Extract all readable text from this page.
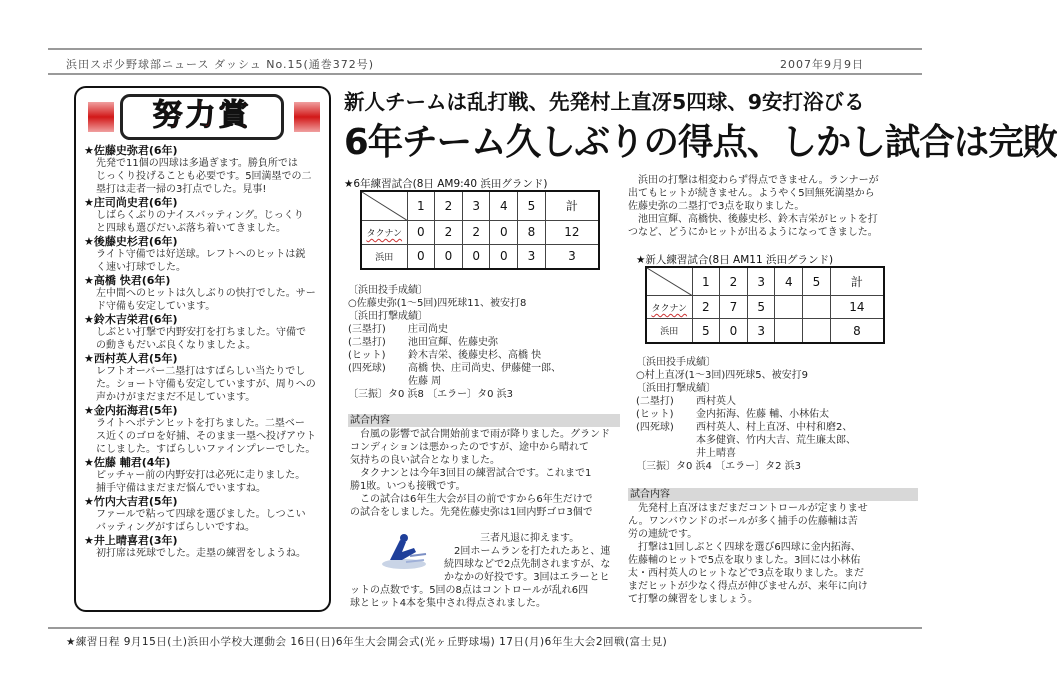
浜田スポ少野球部ニュース ダッシュ No.15(通巻372号)	2007年9月9日
努力賞
★佐藤史弥君(6年)
先発で11個の四球は多過ぎます。勝負所では
じっくり投げることも必要です。5回満塁での二
塁打は走者一掃の3打点でした。見事!
★庄司尚史君(6年)
しばらくぶりのナイスバッティング。じっくり
と四球も選びだいぶ落ち着いてきました。
★後藤史杉君(6年)
ライト守備では好送球。レフトへのヒットは鋭
く速い打球でした。
★高橋 快君(6年)
左中間へのヒットは久しぶりの快打でした。サー
ド守備も安定しています。
★鈴木吉栄君(6年)
しぶとい打撃で内野安打を打ちました。守備で
の動きもだいぶ良くなりましたよ。
★西村英人君(5年)
レフトオーバー二塁打はすばらしい当たりでし
た。ショート守備も安定していますが、周りへの
声かけがまだまだ不足しています。
★金内拓海君(5年)
ライトへポテンヒットを打ちました。二塁ベー
ス近くのゴロを好捕、そのまま一塁へ投げアウト
にしました。すばらしいファインプレーでした。
★佐藤 輔君(4年)
ピッチャー前の内野安打は必死に走りました。
捕手守備はまだまだ悩んでいますね。
★竹内大吉君(5年)
ファールで粘って四球を選びました。しつこい
バッティングがすばらしいですね。
★井上晴喜君(3年)
初打席は死球でした。走塁の練習をしようね。
新人チームは乱打戦、先発村上直冴5四球、9安打浴びる
6年チーム久しぶりの得点、しかし試合は完敗
★6年練習試合(8日 AM9:40 浜田グランド)
	1	2	3	4	5	計
タクナン	0	2	2	0	8	12
浜田	0	0	0	0	3	3
〔浜田投手成績〕
○佐藤史弥(1〜5回)四死球11、被安打8
〔浜田打撃成績〕
(三塁打) 庄司尚史
(二塁打) 池田宣輝、佐藤史弥
(ヒット) 鈴木吉栄、後藤史杉、高橋 快
(四死球) 高橋 快、庄司尚史、伊藤健一郎、
佐藤 周
〔三振〕タ0 浜8 〔エラー〕タ0 浜3
試合内容
台風の影響で試合開始前まで雨が降りました。グランド
コンディションは悪かったのですが、途中から晴れて
気持ちの良い試合となりました。
タクナンとは今年3回目の練習試合です。これまで1
勝1敗。いつも接戦です。
この試合は6年生大会が目の前ですから6年生だけで
の試合をしました。先発佐藤史弥は1回内野ゴロ3個で
三者凡退に抑えます。
2回ホームランを打たれたあと、連
続四球などで2点先制されますが、な
かなかの好投です。3回はエラーとヒ
ットの点数です。5回の8点はコントロールが乱れ6四
球とヒット4本を集中され得点されました。
浜田の打撃は相変わらず得点できません。ランナーが
出てもヒットが続きません。ようやく5回無死満塁から
佐藤史弥の二塁打で3点を取りました。
池田宣輝、高橋快、後藤史杉、鈴木吉栄がヒットを打
つなど、どうにかヒットが出るようになってきました。
★新人練習試合(8日 AM11 浜田グランド)
	1	2	3	4	5	計
タクナン	2	7	5			14
浜田	5	0	3			8
〔浜田投手成績〕
○村上直冴(1〜3回)四死球5、被安打9
〔浜田打撃成績〕
(二塁打) 西村英人
(ヒット) 金内拓海、佐藤 輔、小林佑太
(四死球) 西村英人、村上直冴、中村和磨2、
本多健資、竹内大吉、荒生廉太郎、
井上晴喜
〔三振〕タ0 浜4 〔エラー〕タ2 浜3
試合内容
先発村上直冴はまだまだコントロールが定まりませ
ん。ワンバウンドのボールが多く捕手の佐藤輔は苦
労の連続です。
打撃は1回しぶとく四球を選び6四球に金内拓海、
佐藤輔のヒットで5点を取りました。3回には小林佑
太・西村英人のヒットなどで3点を取りました。まだ
まだヒットが少なく得点が伸びませんが、来年に向け
て打撃の練習をしましょう。
★練習日程 9月15日(土)浜田小学校大運動会 16日(日)6年生大会開会式(光ヶ丘野球場) 17日(月)6年生大会2回戦(富士見)
